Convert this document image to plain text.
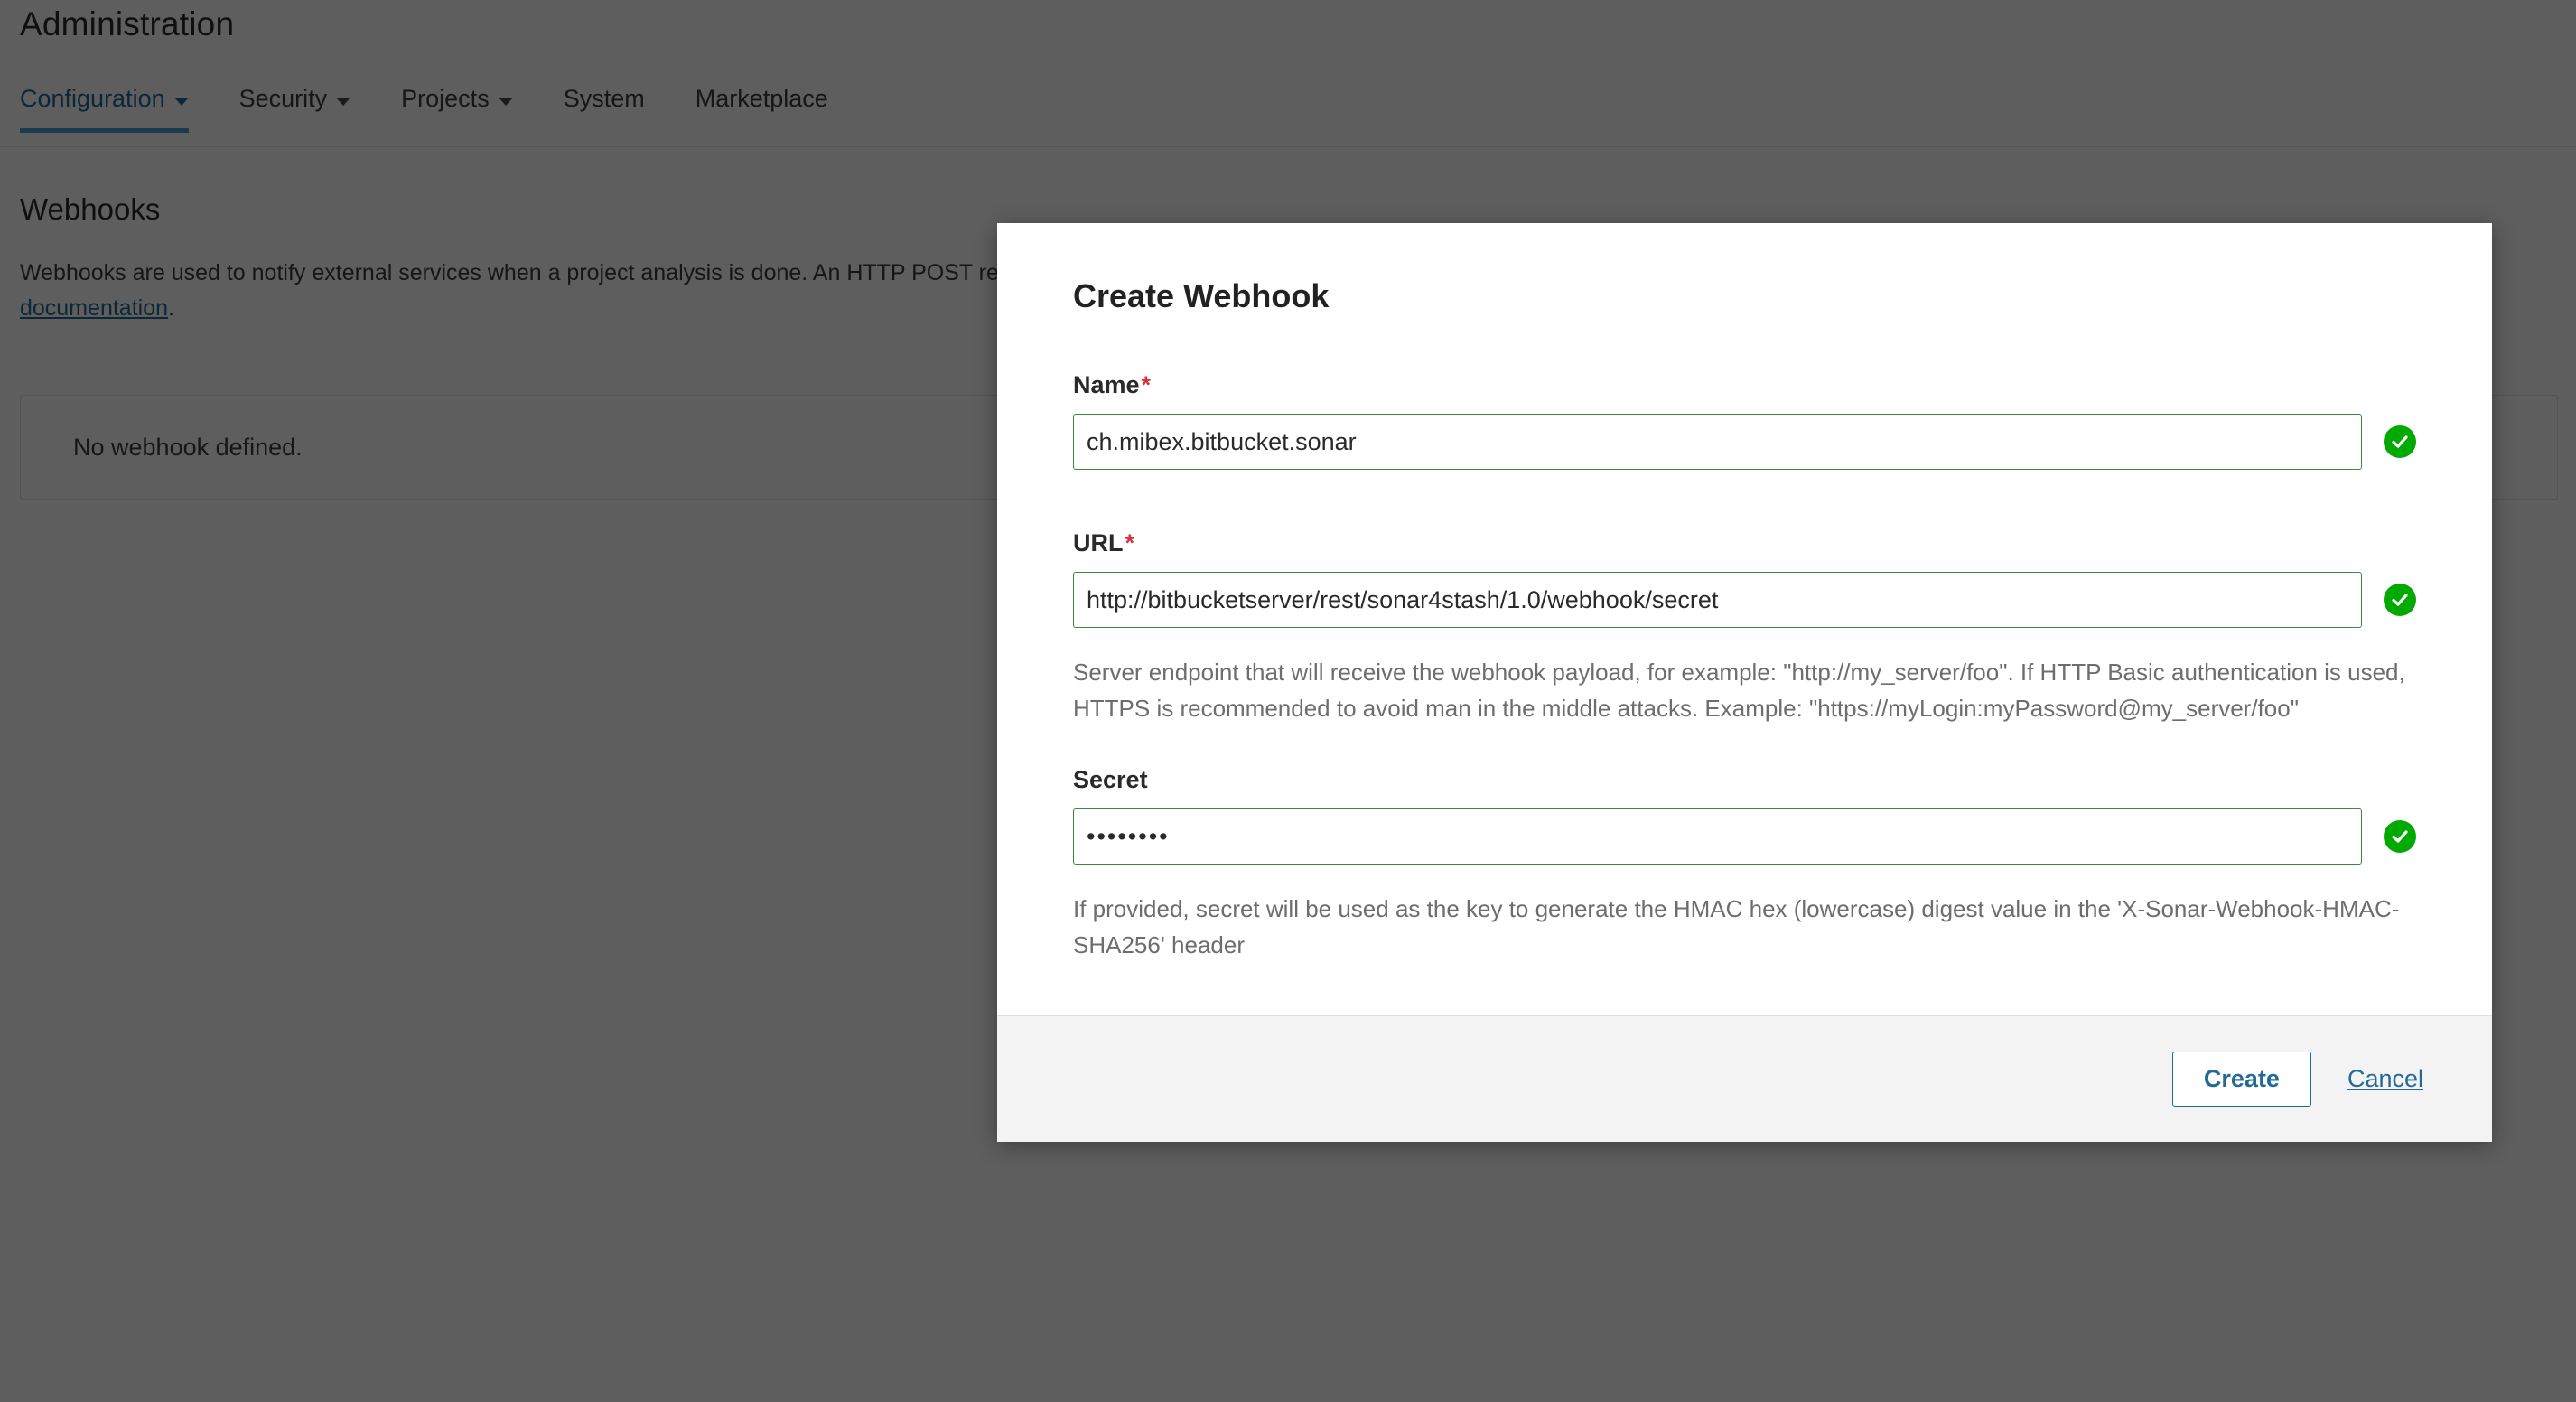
Create Webhook
Name*
ch.mibex.bitbucket.sonar
URL*
http://bitbucketserver/rest/sonar4stash/1.0/webhook/secret
Server endpoint that will receive the webhook payload, for example: "http://my_server/foo". If HTTP Basic authentication is used, HTTPS is recommended to avoid man in the middle attacks. Example: "https://myLogin:myPassword@my_server/foo"
Secret
••••••••
If provided, secret will be used as the key to generate the HMAC hex (lowercase) digest value in the 'X-Sonar-Webhook-HMAC-SHA256' header
Create	Cancel
